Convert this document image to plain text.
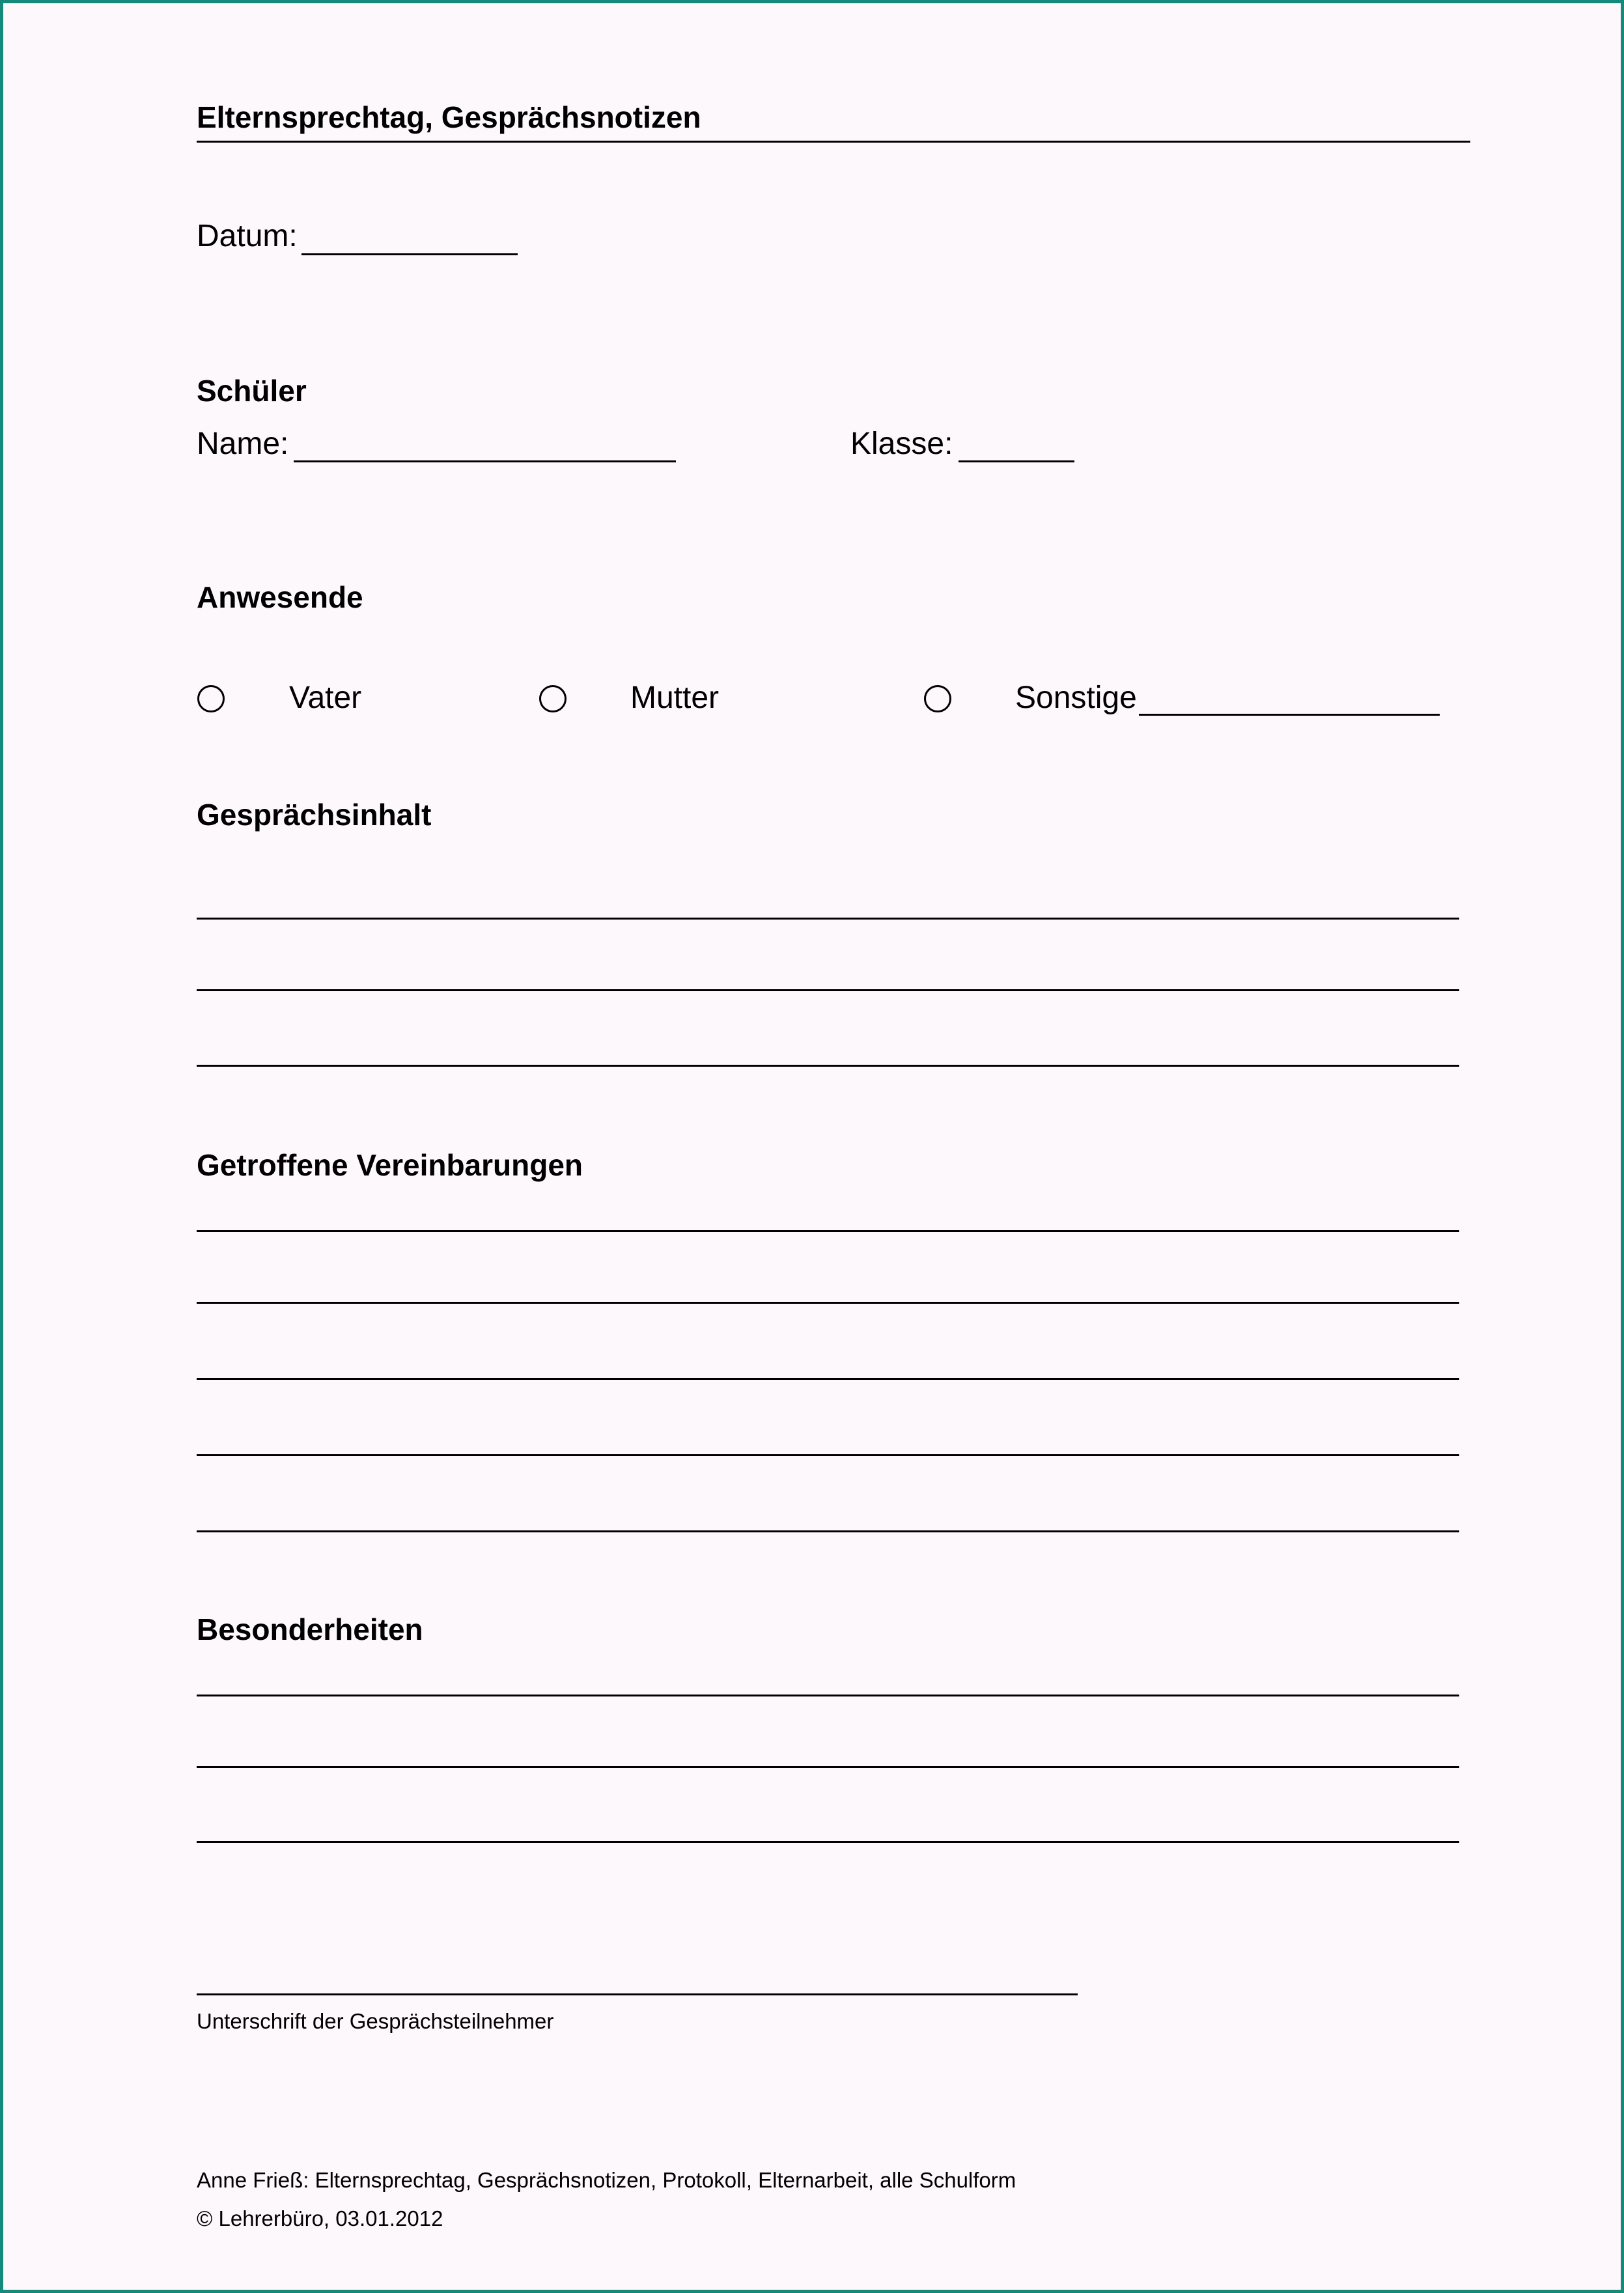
Elternsprechtag, Gesprächsnotizen
Datum:
Schüler
Name:	Klasse:
Anwesende
Vater	Mutter	Sonstige
Gesprächsinhalt
Getroffene Vereinbarungen
Besonderheiten
Unterschrift der Gesprächsteilnehmer
Anne Frieß: Elternsprechtag, Gesprächsnotizen, Protokoll, Elternarbeit, alle Schulform
© Lehrerbüro, 03.01.2012
